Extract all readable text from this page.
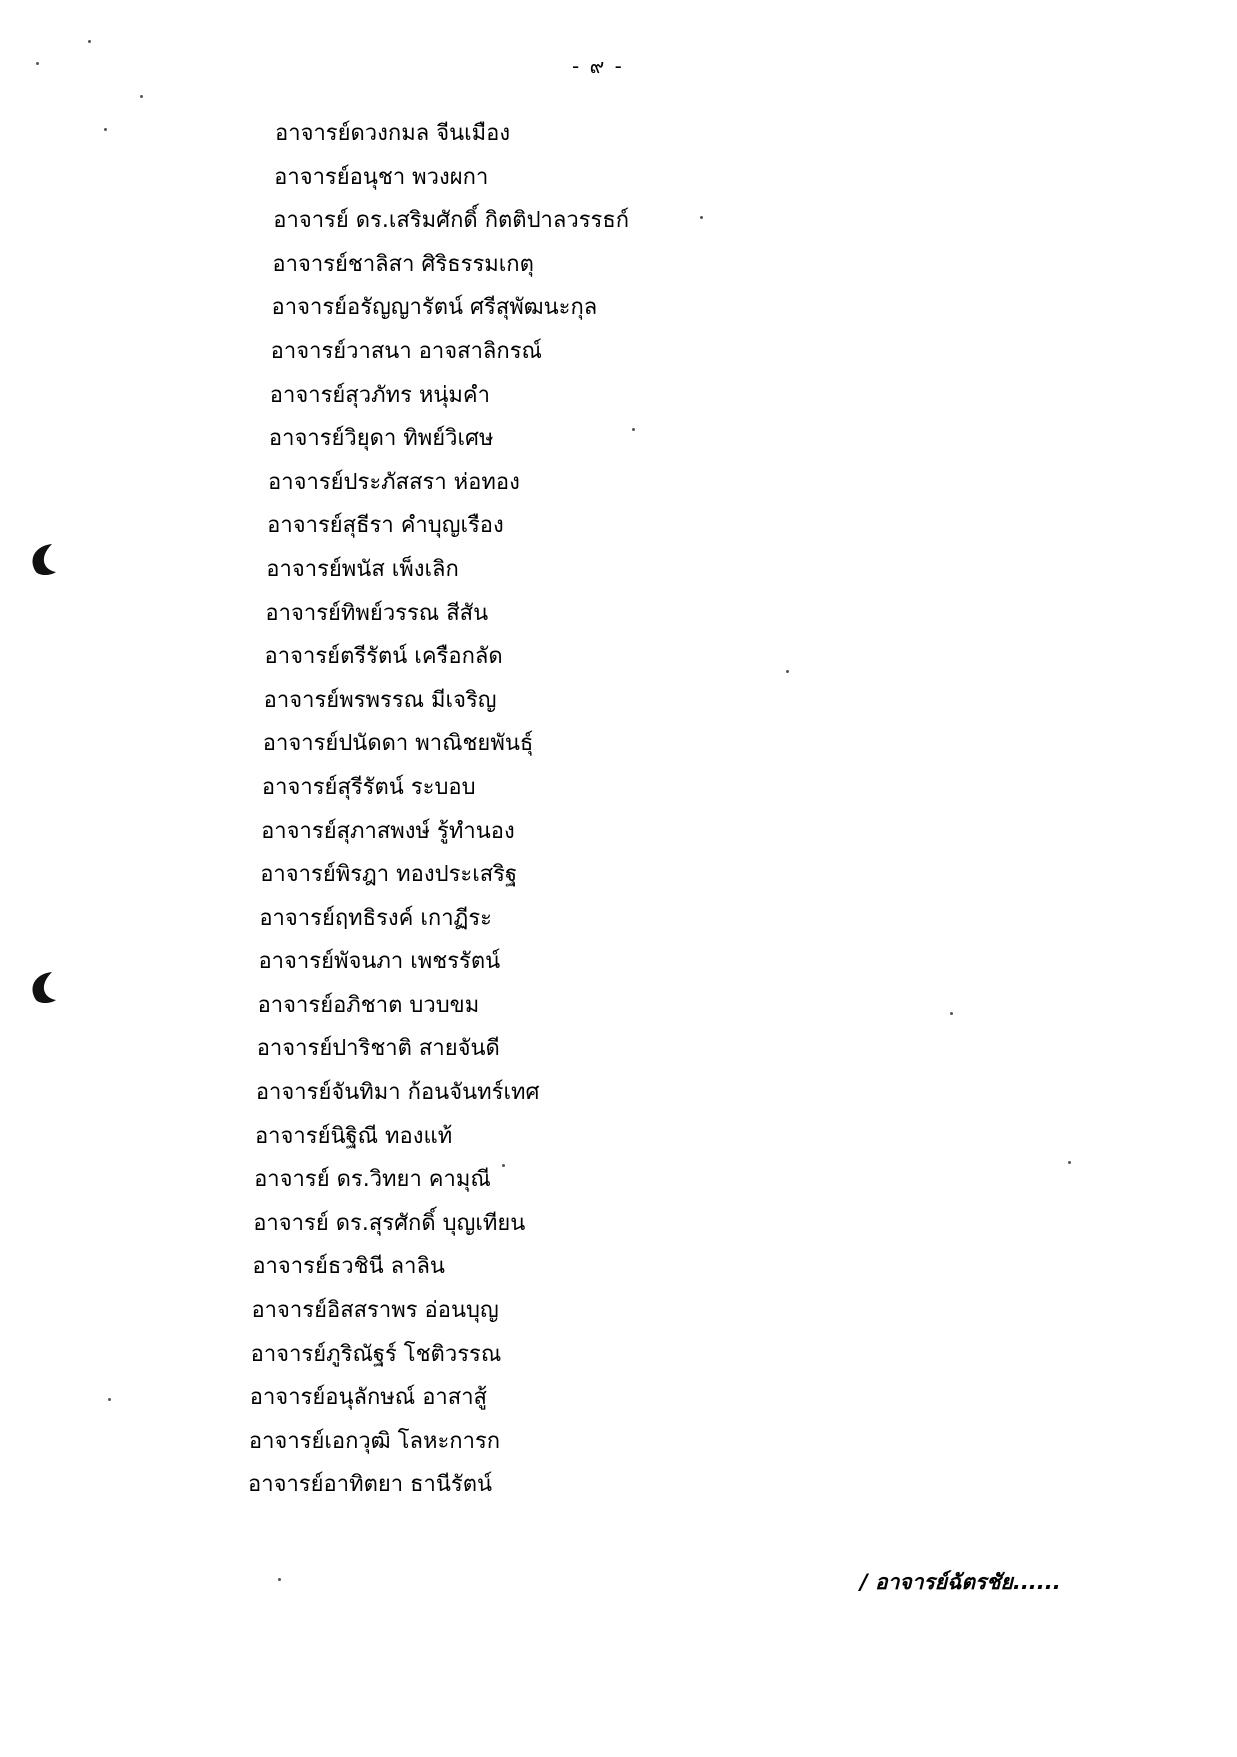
- ๙ -
อาจารย์ดวงกมล จีนเมือง
อาจารย์อนุชา พวงผกา
อาจารย์ ดร.เสริมศักดิ์ กิตติปาลวรรธก์
อาจารย์ชาลิสา ศิริธรรมเกตุ
อาจารย์อรัญญารัตน์ ศรีสุพัฒนะกุล
อาจารย์วาสนา อาจสาลิกรณ์
อาจารย์สุวภัทร หนุ่มคำ
อาจารย์วิยุดา ทิพย์วิเศษ
อาจารย์ประภัสสรา ห่อทอง
อาจารย์สุธีรา คำบุญเรือง
อาจารย์พนัส เพ็งเลิก
อาจารย์ทิพย์วรรณ สีสัน
อาจารย์ตรีรัตน์ เครือกลัด
อาจารย์พรพรรณ มีเจริญ
อาจารย์ปนัดดา พาณิชยพันธุ์
อาจารย์สุรีรัตน์ ระบอบ
อาจารย์สุภาสพงษ์ รู้ทำนอง
อาจารย์พิรฎา ทองประเสริฐ
อาจารย์ฤทธิรงค์ เกาฏีระ
อาจารย์พัจนภา เพชรรัตน์
อาจารย์อภิชาต บวบขม
อาจารย์ปาริชาติ สายจันดี
อาจารย์จันทิมา ก้อนจันทร์เทศ
อาจารย์นิฐิณี ทองแท้
อาจารย์ ดร.วิทยา คามุณี
อาจารย์ ดร.สุรศักดิ์ บุญเทียน
อาจารย์ธวชินี ลาลิน
อาจารย์อิสสราพร อ่อนบุญ
อาจารย์ภูริณัฐร์ โชติวรรณ
อาจารย์อนุลักษณ์ อาสาสู้
อาจารย์เอกวุฒิ โลหะการก
อาจารย์อาทิตยา ธานีรัตน์
/ อาจารย์ฉัตรชัย......
